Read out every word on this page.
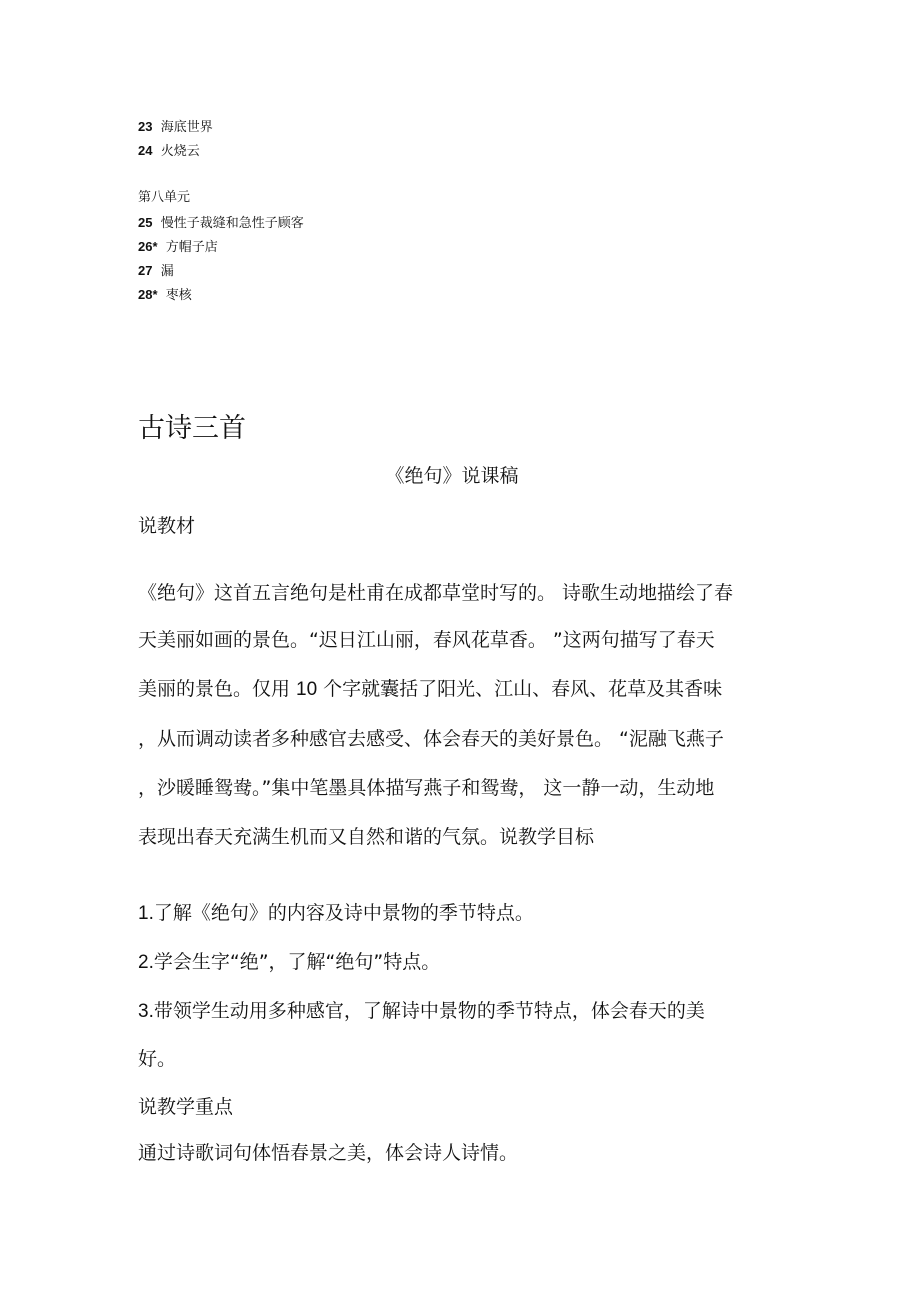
23 海底世界
24 火烧云
第八单元
25 慢性子裁缝和急性子顾客
26* 方帽子店
27 漏
28* 枣核
古诗三首
《绝句》说课稿
说教材
《绝句》这首五言绝句是杜甫在成都草堂时写的。 诗歌生动地描绘了春
天美丽如画的景色。“迟日江山丽，春风花草香。 ”这两句描写了春天
美丽的景色。仅用 10 个字就囊括了阳光、江山、春风、花草及其香味
，从而调动读者多种感官去感受、体会春天的美好景色。 “泥融飞燕子
，沙暖睡鸳鸯。”集中笔墨具体描写燕子和鸳鸯， 这一静一动，生动地
表现出春天充满生机而又自然和谐的气氛。说教学目标
1.了解《绝句》的内容及诗中景物的季节特点。
2.学会生字“绝”，了解“绝句”特点。
3.带领学生动用多种感官，了解诗中景物的季节特点，体会春天的美
好。
说教学重点
通过诗歌词句体悟春景之美，体会诗人诗情。
